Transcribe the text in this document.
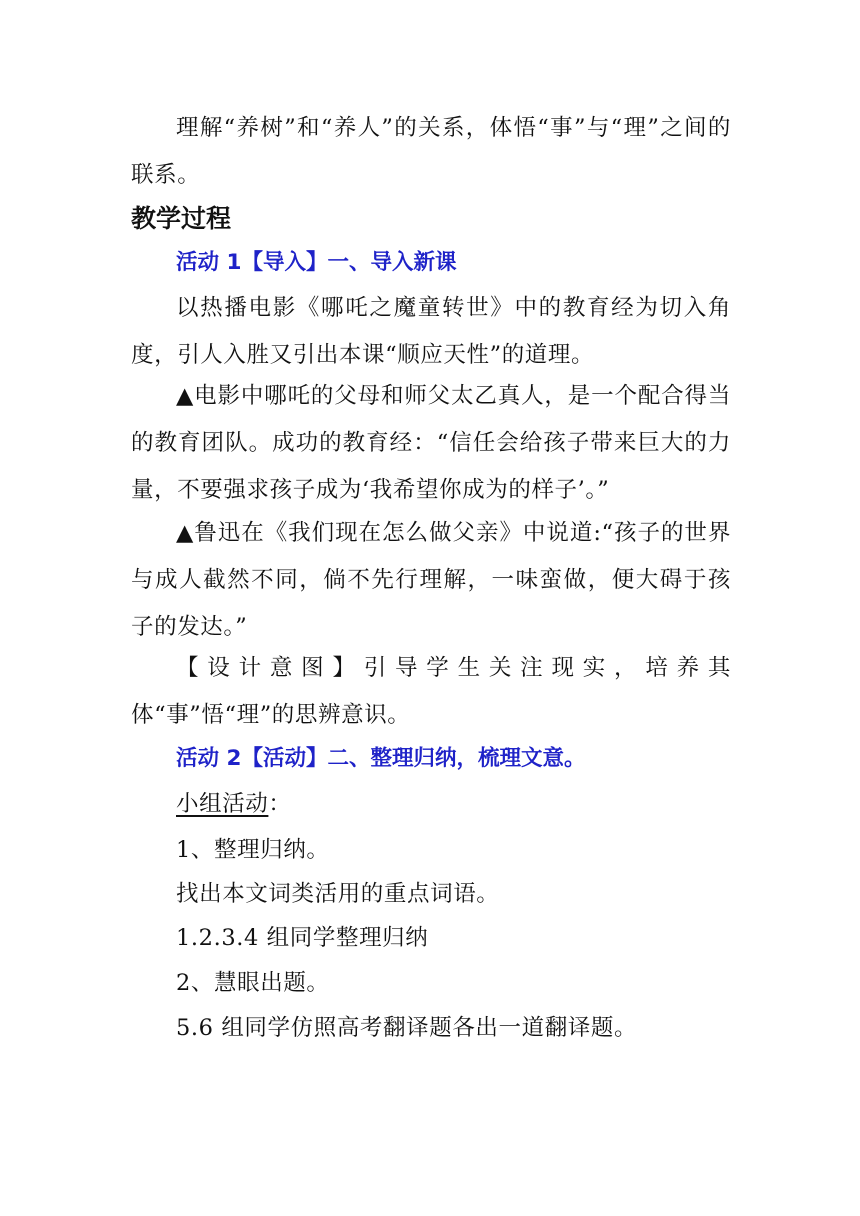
理解“养树”和“养人”的关系，体悟“事”与“理”之间的联系。

教学过程
活动 1【导入】一、导入新课

以热播电影《哪吒之魔童转世》中的教育经为切入角度，引人入胜又引出本课“顺应天性”的道理。

▲电影中哪吒的父母和师父太乙真人，是一个配合得当的教育团队。成功的教育经：“信任会给孩子带来巨大的力量，不要强求孩子成为‘我希望你成为的样子’。”

▲鲁迅在《我们现在怎么做父亲》中说道:“孩子的世界与成人截然不同，倘不先行理解，一味蛮做，便大碍于孩子的发达。”

【设计意图】引导学生关注现实，培养其体“事”悟“理”的思辨意识。

活动 2【活动】二、整理归纳，梳理文意。

小组活动：

1、整理归纳。

找出本文词类活用的重点词语。

1.2.3.4 组同学整理归纳

2、慧眼出题。

5.6 组同学仿照高考翻译题各出一道翻译题。
